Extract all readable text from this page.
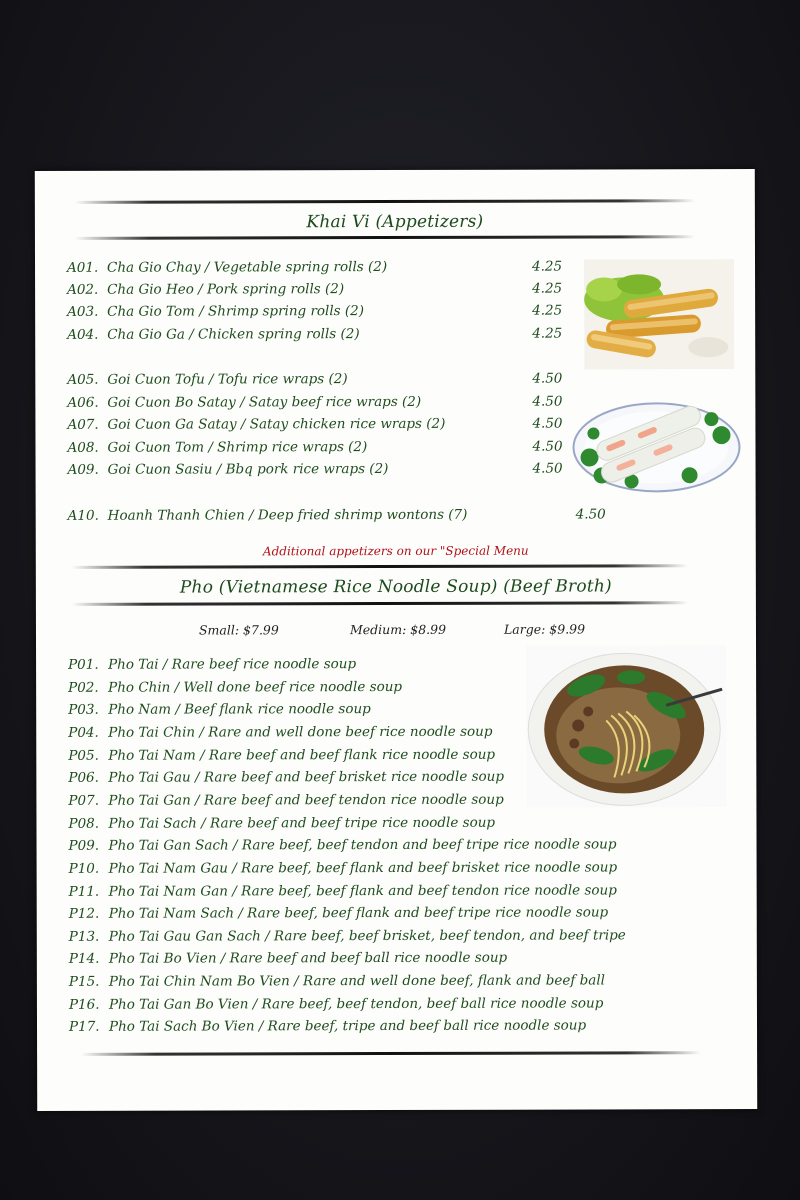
Khai Vi (Appetizers)
A01. Cha Gio Chay / Vegetable spring rolls (2)	4.25
A02. Cha Gio Heo / Pork spring rolls (2)	4.25
A03. Cha Gio Tom / Shrimp spring rolls (2)	4.25
A04. Cha Gio Ga / Chicken spring rolls (2)	4.25
A05. Goi Cuon Tofu / Tofu rice wraps (2)	4.50
A06. Goi Cuon Bo Satay / Satay beef rice wraps (2)	4.50
A07. Goi Cuon Ga Satay / Satay chicken rice wraps (2)	4.50
A08. Goi Cuon Tom / Shrimp rice wraps (2)	4.50
A09. Goi Cuon Sasiu / Bbq pork rice wraps (2)	4.50
A10. Hoanh Thanh Chien / Deep fried shrimp wontons (7)	4.50
Additional appetizers on our "Special Menu
Pho (Vietnamese Rice Noodle Soup) (Beef Broth)
Small: $7.99	Medium: $8.99	Large: $9.99
P01. Pho Tai / Rare beef rice noodle soup
P02. Pho Chin / Well done beef rice noodle soup
P03. Pho Nam / Beef flank rice noodle soup
P04. Pho Tai Chin / Rare and well done beef rice noodle soup
P05. Pho Tai Nam / Rare beef and beef flank rice noodle soup
P06. Pho Tai Gau / Rare beef and beef brisket rice noodle soup
P07. Pho Tai Gan / Rare beef and beef tendon rice noodle soup
P08. Pho Tai Sach / Rare beef and beef tripe rice noodle soup
P09. Pho Tai Gan Sach / Rare beef, beef tendon and beef tripe rice noodle soup
P10. Pho Tai Nam Gau / Rare beef, beef flank and beef brisket rice noodle soup
P11. Pho Tai Nam Gan / Rare beef, beef flank and beef tendon rice noodle soup
P12. Pho Tai Nam Sach / Rare beef, beef flank and beef tripe rice noodle soup
P13. Pho Tai Gau Gan Sach / Rare beef, beef brisket, beef tendon, and beef tripe
P14. Pho Tai Bo Vien / Rare beef and beef ball rice noodle soup
P15. Pho Tai Chin Nam Bo Vien / Rare and well done beef, flank and beef ball
P16. Pho Tai Gan Bo Vien / Rare beef, beef tendon, beef ball rice noodle soup
P17. Pho Tai Sach Bo Vien / Rare beef, tripe and beef ball rice noodle soup
